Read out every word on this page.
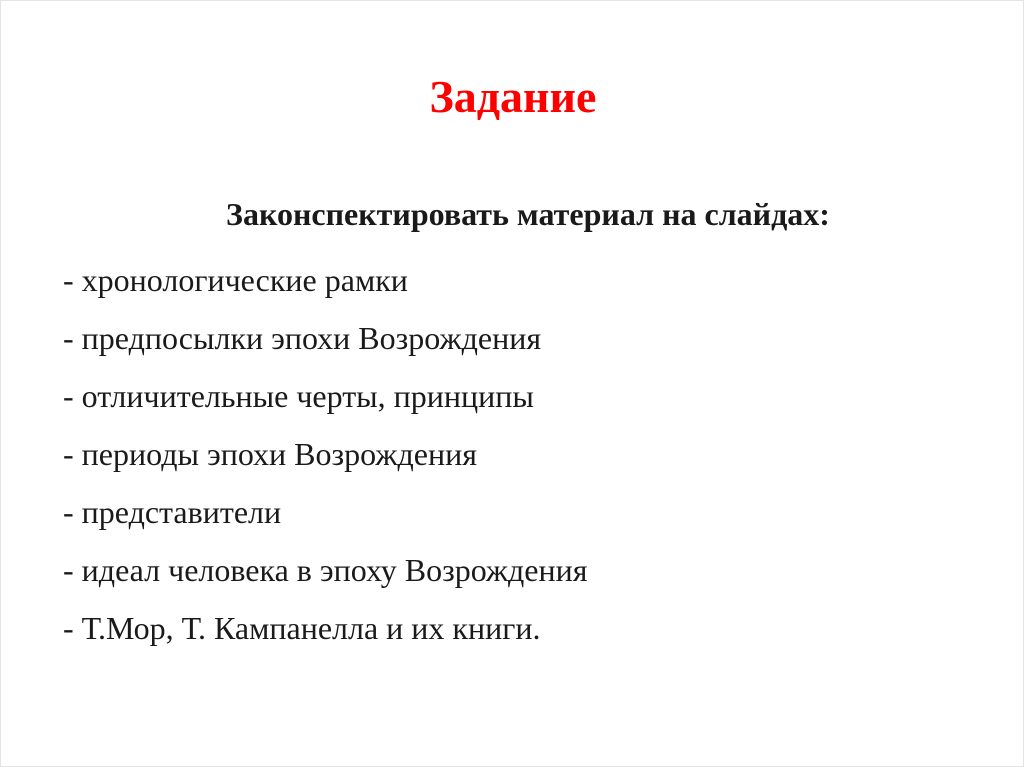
Задание
Законспектировать материал на слайдах:
- хронологические рамки
- предпосылки эпохи Возрождения
- отличительные черты, принципы
- периоды эпохи Возрождения
- представители
- идеал человека в эпоху Возрождения
- Т.Мор, Т. Кампанелла и их книги.
